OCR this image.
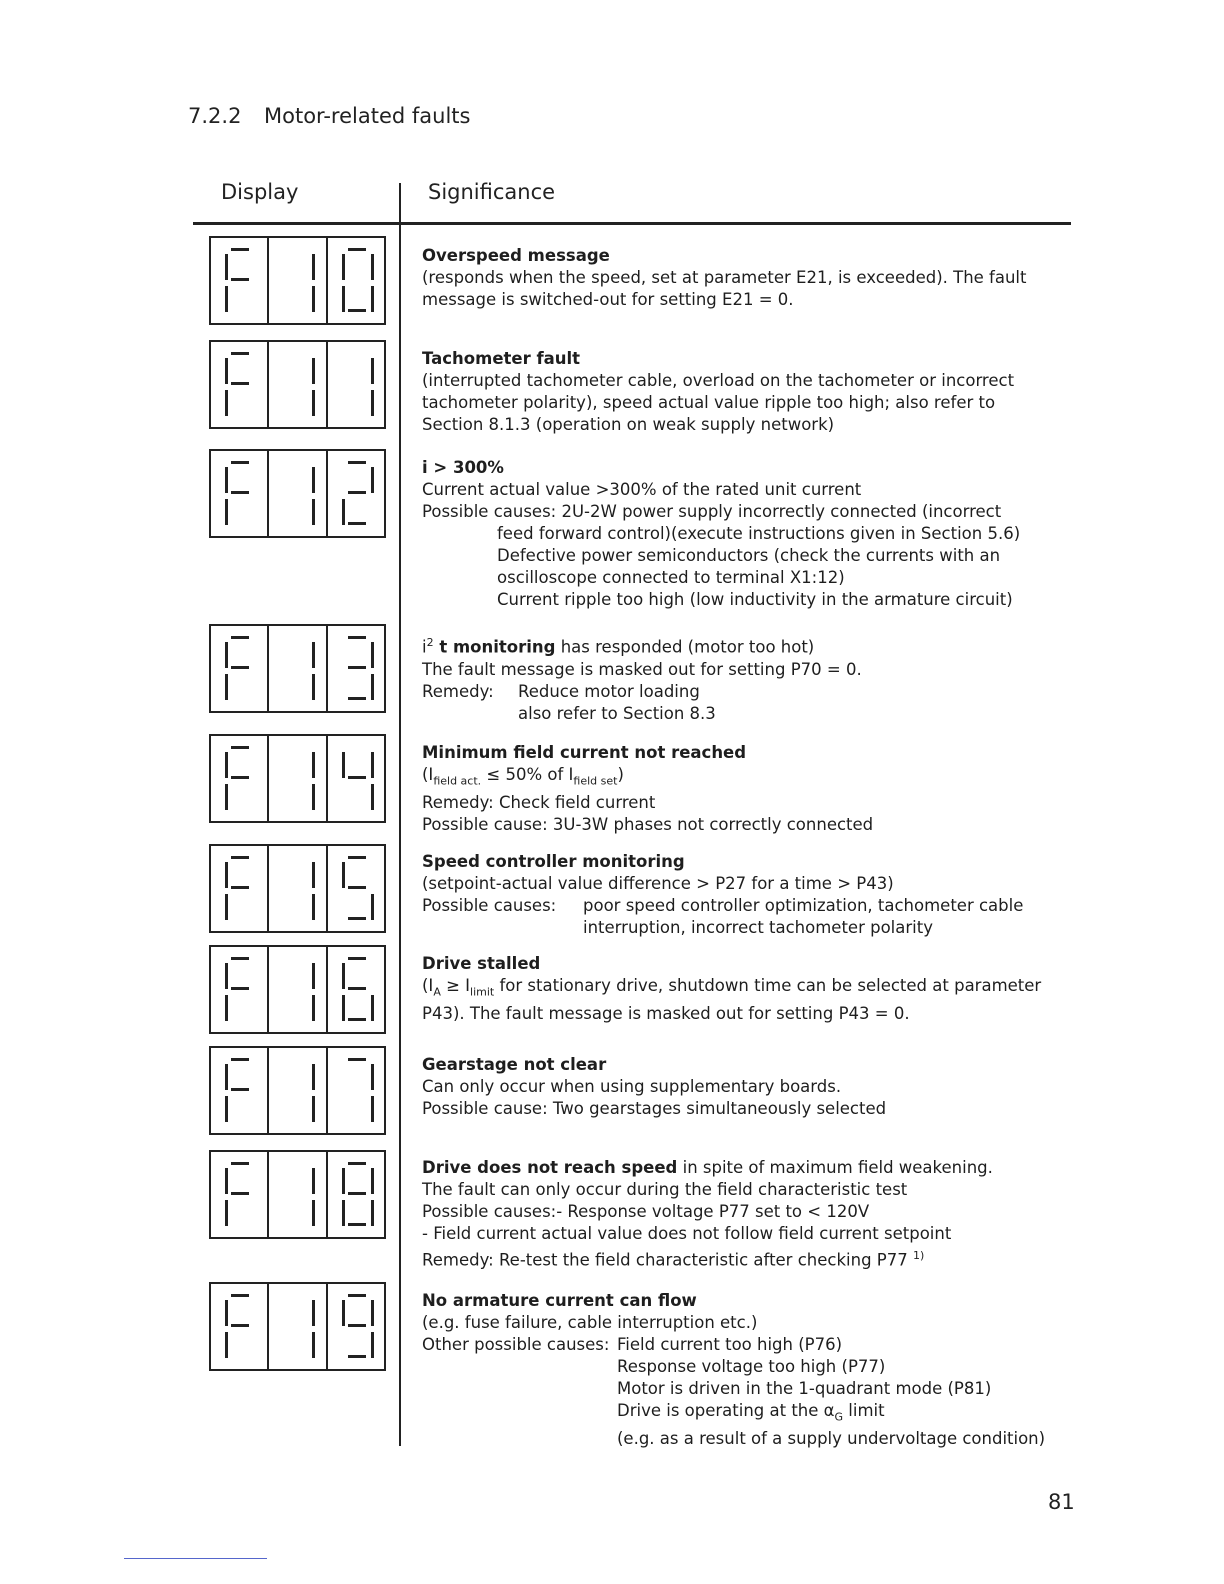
7.2.2 Motor-related faults
Display	Significance
Overspeed message
(responds when the speed, set at parameter E21, is exceeded). The fault
message is switched-out for setting E21 = 0.
Tachometer fault
(interrupted tachometer cable, overload on the tachometer or incorrect
tachometer polarity), speed actual value ripple too high; also refer to
Section 8.1.3 (operation on weak supply network)
i > 300%
Current actual value >300% of the rated unit current
Possible causes: 2U-2W power supply incorrectly connected (incorrect
feed forward control)(execute instructions given in Section 5.6)
Defective power semiconductors (check the currents with an
oscilloscope connected to terminal X1:12)
Current ripple too high (low inductivity in the armature circuit)
$i^2$ t monitoring has responded (motor too hot)
The fault message is masked out for setting P70 = 0.
Remedy: Reduce motor loading
also refer to Section 8.3
Minimum field current not reached
($I_{field act.} \le 50\%$ of $I_{field set}$)
Remedy: Check field current
Possible cause: 3U-3W phases not correctly connected
Speed controller monitoring
(setpoint-actual value difference > P27 for a time > P43)
Possible causes: poor speed controller optimization, tachometer cable
interruption, incorrect tachometer polarity
Drive stalled
($I_A \ge I_{limit}$ for stationary drive, shutdown time can be selected at parameter
P43). The fault message is masked out for setting P43 = 0.
Gearstage not clear
Can only occur when using supplementary boards.
Possible cause: Two gearstages simultaneously selected
Drive does not reach speed in spite of maximum field weakening.
The fault can only occur during the field characteristic test
Possible causes:- Response voltage P77 set to < 120V
- Field current actual value does not follow field current setpoint
Remedy: Re-test the field characteristic after checking P77 $^{1)}$
No armature current can flow
(e.g. fuse failure, cable interruption etc.)
Other possible causes: Field current too high (P76)
Response voltage too high (P77)
Motor is driven in the 1-quadrant mode (P81)
Drive is operating at the $\alpha_G$ limit
(e.g. as a result of a supply undervoltage condition)
81
